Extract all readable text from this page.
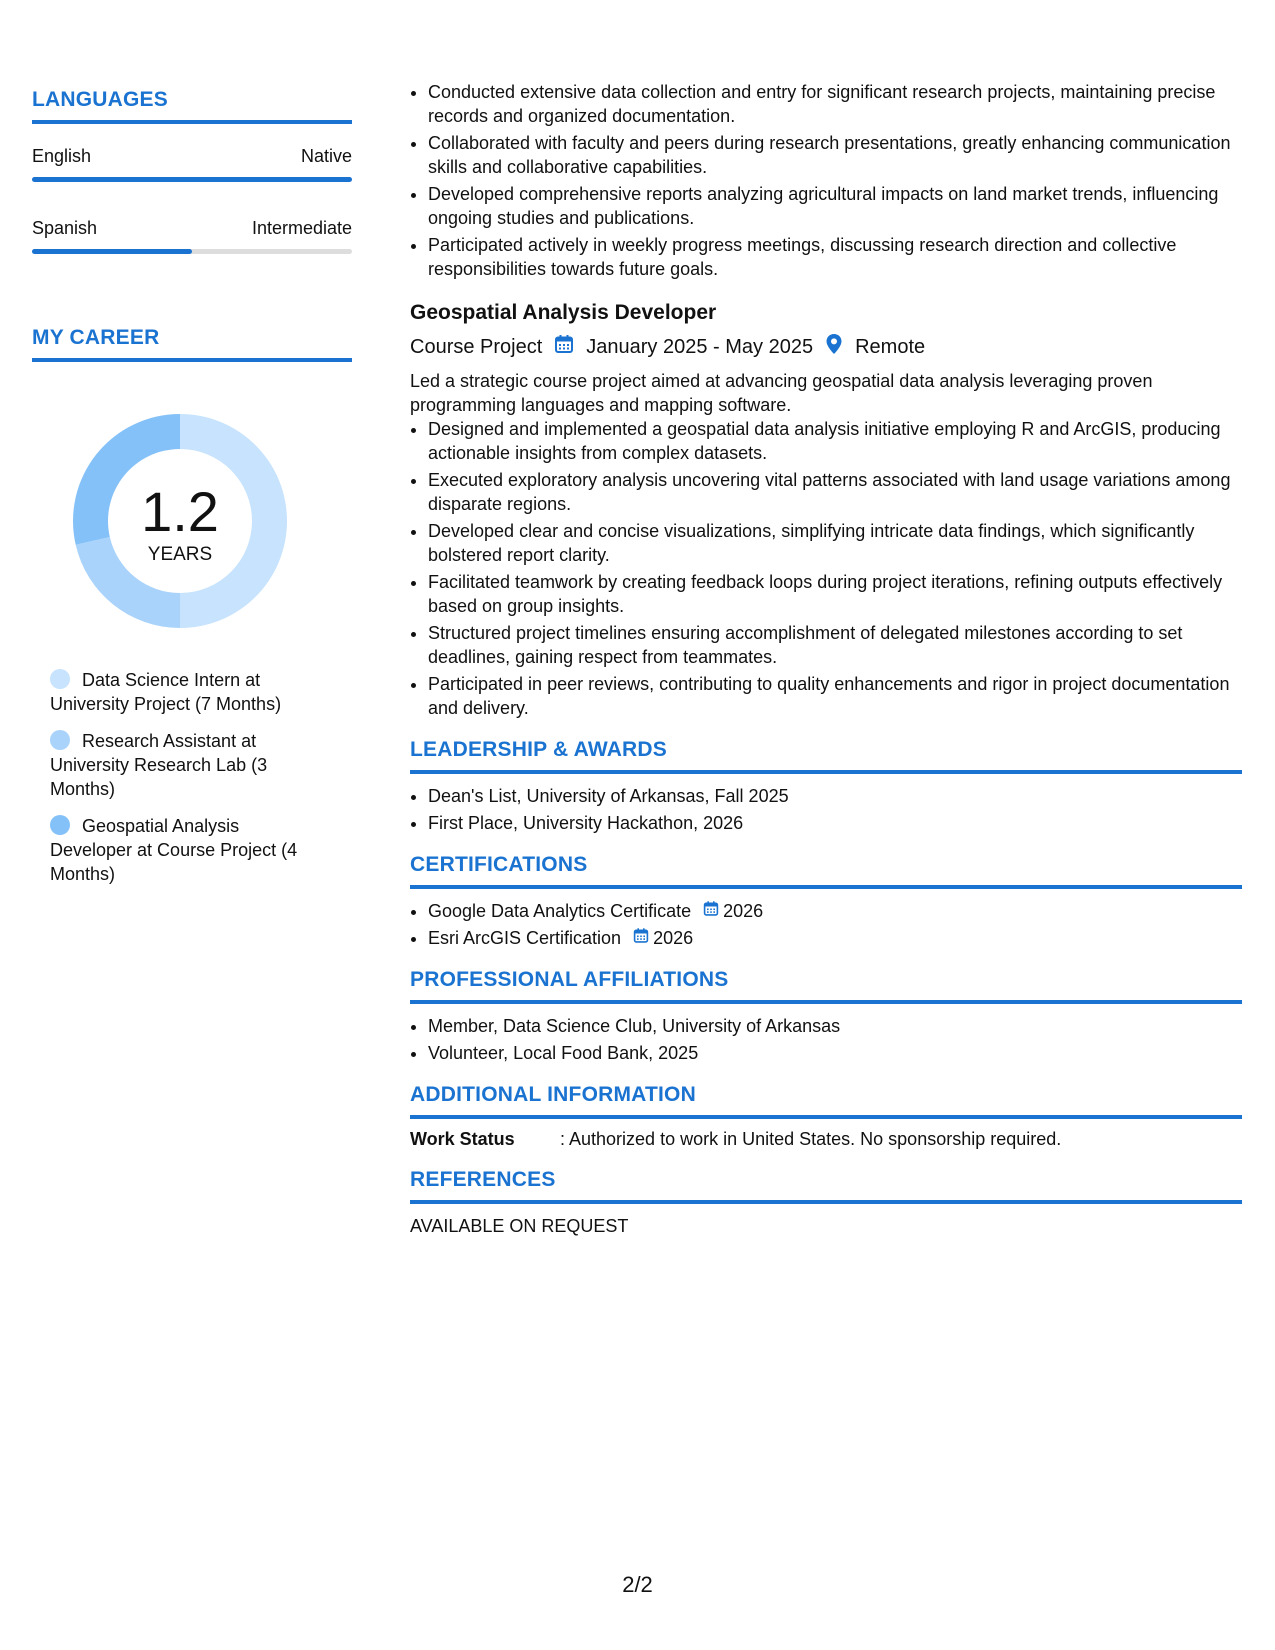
LANGUAGES
English	Native
Spanish	Intermediate
MY CAREER
1.2
YEARS
Data Science Intern at University Project (7 Months)
Research Assistant at University Research Lab (3 Months)
Geospatial Analysis Developer at Course Project (4 Months)
• Conducted extensive data collection and entry for significant research projects, maintaining precise records and organized documentation.
• Collaborated with faculty and peers during research presentations, greatly enhancing communication skills and collaborative capabilities.
• Developed comprehensive reports analyzing agricultural impacts on land market trends, influencing ongoing studies and publications.
• Participated actively in weekly progress meetings, discussing research direction and collective responsibilities towards future goals.
Geospatial Analysis Developer
Course Project January 2025 - May 2025 Remote
Led a strategic course project aimed at advancing geospatial data analysis leveraging proven programming languages and mapping software.
• Designed and implemented a geospatial data analysis initiative employing R and ArcGIS, producing actionable insights from complex datasets.
• Executed exploratory analysis uncovering vital patterns associated with land usage variations among disparate regions.
• Developed clear and concise visualizations, simplifying intricate data findings, which significantly bolstered report clarity.
• Facilitated teamwork by creating feedback loops during project iterations, refining outputs effectively based on group insights.
• Structured project timelines ensuring accomplishment of delegated milestones according to set deadlines, gaining respect from teammates.
• Participated in peer reviews, contributing to quality enhancements and rigor in project documentation and delivery.
LEADERSHIP & AWARDS
• Dean's List, University of Arkansas, Fall 2025
• First Place, University Hackathon, 2026
CERTIFICATIONS
• Google Data Analytics Certificate 2026
• Esri ArcGIS Certification 2026
PROFESSIONAL AFFILIATIONS
• Member, Data Science Club, University of Arkansas
• Volunteer, Local Food Bank, 2025
ADDITIONAL INFORMATION
Work Status	: Authorized to work in United States. No sponsorship required.
REFERENCES
AVAILABLE ON REQUEST
2/2
